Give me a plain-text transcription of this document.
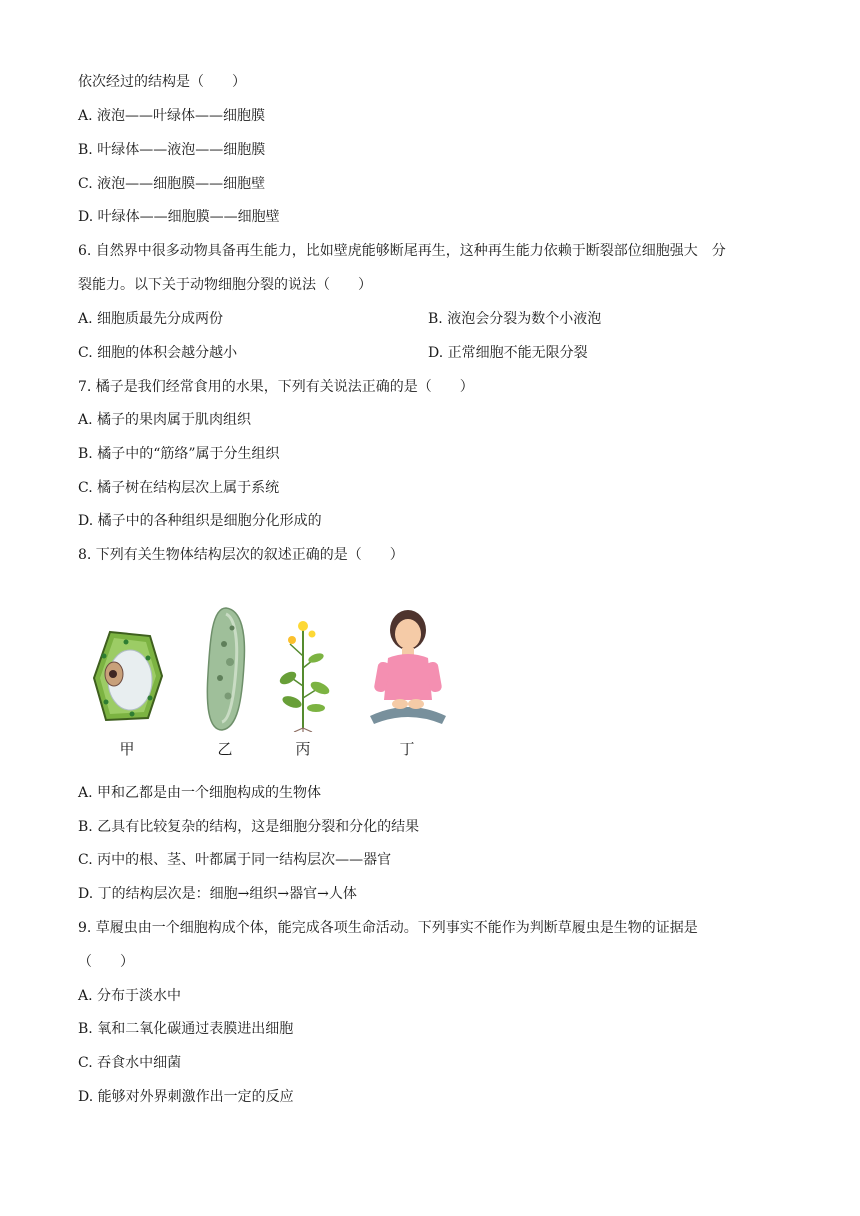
依次经过的结构是（　　）
A. 液泡——叶绿体——细胞膜
B. 叶绿体——液泡——细胞膜
C. 液泡——细胞膜——细胞壁
D. 叶绿体——细胞膜——细胞壁
6. 自然界中很多动物具备再生能力，比如壁虎能够断尾再生，这种再生能力依赖于断裂部位细胞强大　分
裂能力。以下关于动物细胞分裂的说法（　　）
A. 细胞质最先分成两份	B. 液泡会分裂为数个小液泡
C. 细胞的体积会越分越小	D. 正常细胞不能无限分裂
7. 橘子是我们经常食用的水果，下列有关说法正确的是（　　）
A. 橘子的果肉属于肌肉组织
B. 橘子中的“筋络”属于分生组织
C. 橘子树在结构层次上属于系统
D. 橘子中的各种组织是细胞分化形成的
8. 下列有关生物体结构层次的叙述正确的是（　　）
甲	乙	丙	丁
A. 甲和乙都是由一个细胞构成的生物体
B. 乙具有比较复杂的结构，这是细胞分裂和分化的结果
C. 丙中的根、茎、叶都属于同一结构层次——器官
D. 丁的结构层次是：细胞→组织→器官→人体
9. 草履虫由一个细胞构成个体，能完成各项生命活动。下列事实不能作为判断草履虫是生物的证据是
（　　）
A. 分布于淡水中
B. 氧和二氧化碳通过表膜进出细胞
C. 吞食水中细菌
D. 能够对外界刺激作出一定的反应
